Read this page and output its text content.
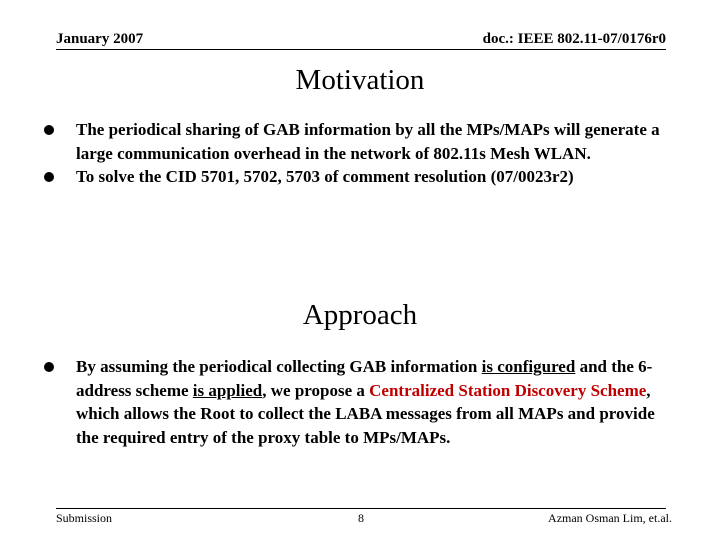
January 2007	doc.: IEEE 802.11-07/0176r0
Motivation
The periodical sharing of GAB information by all the MPs/MAPs will generate a large communication overhead in the network of 802.11s Mesh WLAN.
To solve the CID 5701, 5702, 5703 of comment resolution (07/0023r2)
Approach
By assuming the periodical collecting GAB information is configured and the 6-address scheme is applied, we propose a Centralized Station Discovery Scheme, which allows the Root to collect the LABA messages from all MAPs and provide the required entry of the proxy table to MPs/MAPs.
Submission	8	Azman Osman Lim, et.al.
